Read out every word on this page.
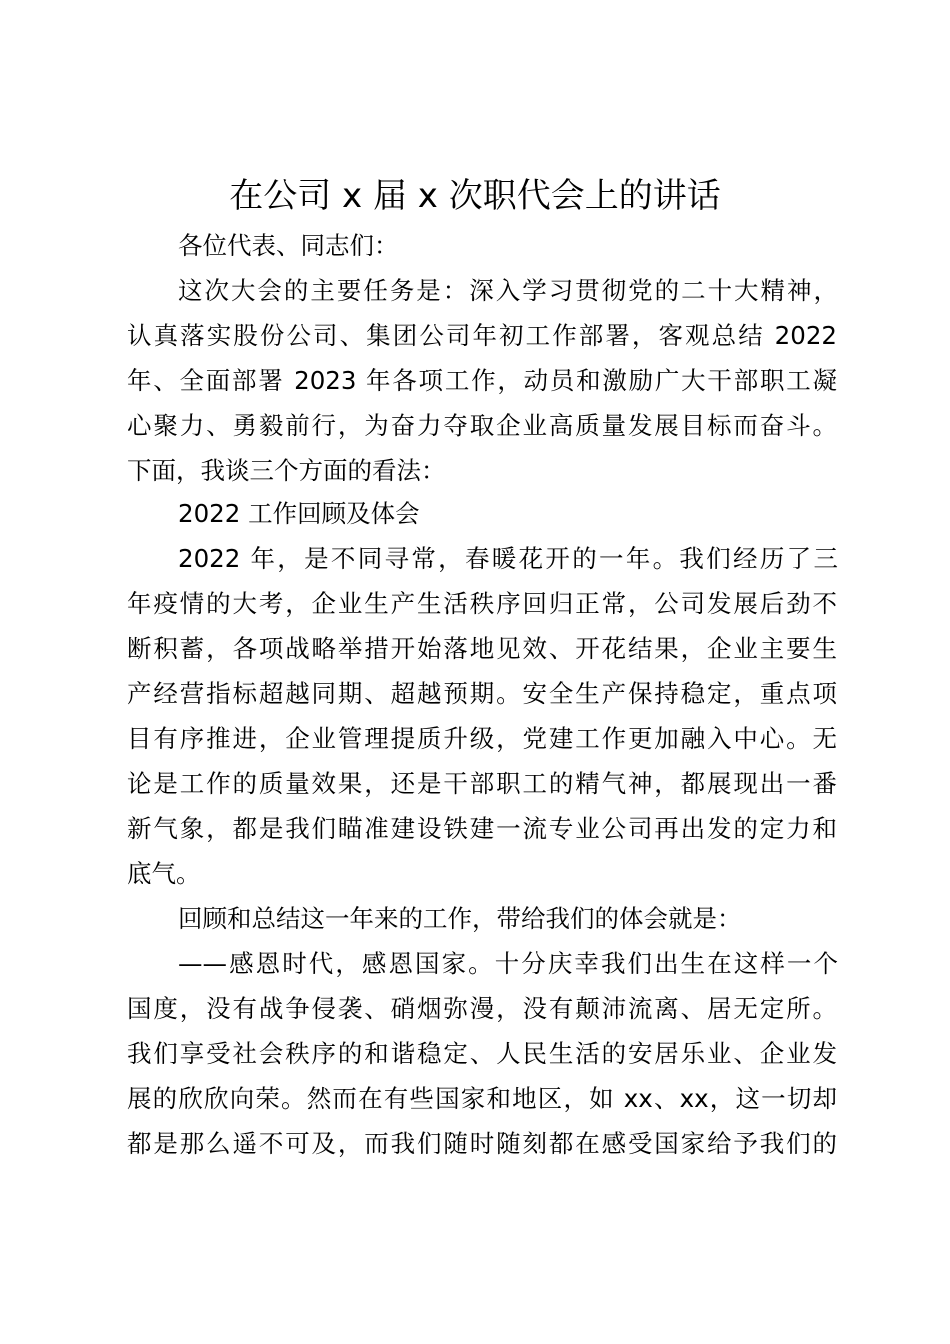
在公司 x 届 x 次职代会上的讲话
各位代表、同志们：
这次大会的主要任务是：深入学习贯彻党的二十大精神，
认真落实股份公司、集团公司年初工作部署，客观总结 2022
年、全面部署 2023 年各项工作，动员和激励广大干部职工凝
心聚力、勇毅前行，为奋力夺取企业高质量发展目标而奋斗。
下面，我谈三个方面的看法：
2022 工作回顾及体会
2022 年，是不同寻常，春暖花开的一年。我们经历了三
年疫情的大考，企业生产生活秩序回归正常，公司发展后劲不
断积蓄，各项战略举措开始落地见效、开花结果，企业主要生
产经营指标超越同期、超越预期。安全生产保持稳定，重点项
目有序推进，企业管理提质升级，党建工作更加融入中心。无
论是工作的质量效果，还是干部职工的精气神，都展现出一番
新气象，都是我们瞄准建设铁建一流专业公司再出发的定力和
底气。
回顾和总结这一年来的工作，带给我们的体会就是：
——感恩时代，感恩国家。十分庆幸我们出生在这样一个
国度，没有战争侵袭、硝烟弥漫，没有颠沛流离、居无定所。
我们享受社会秩序的和谐稳定、人民生活的安居乐业、企业发
展的欣欣向荣。然而在有些国家和地区，如 xx、xx，这一切却
都是那么遥不可及，而我们随时随刻都在感受国家给予我们的
